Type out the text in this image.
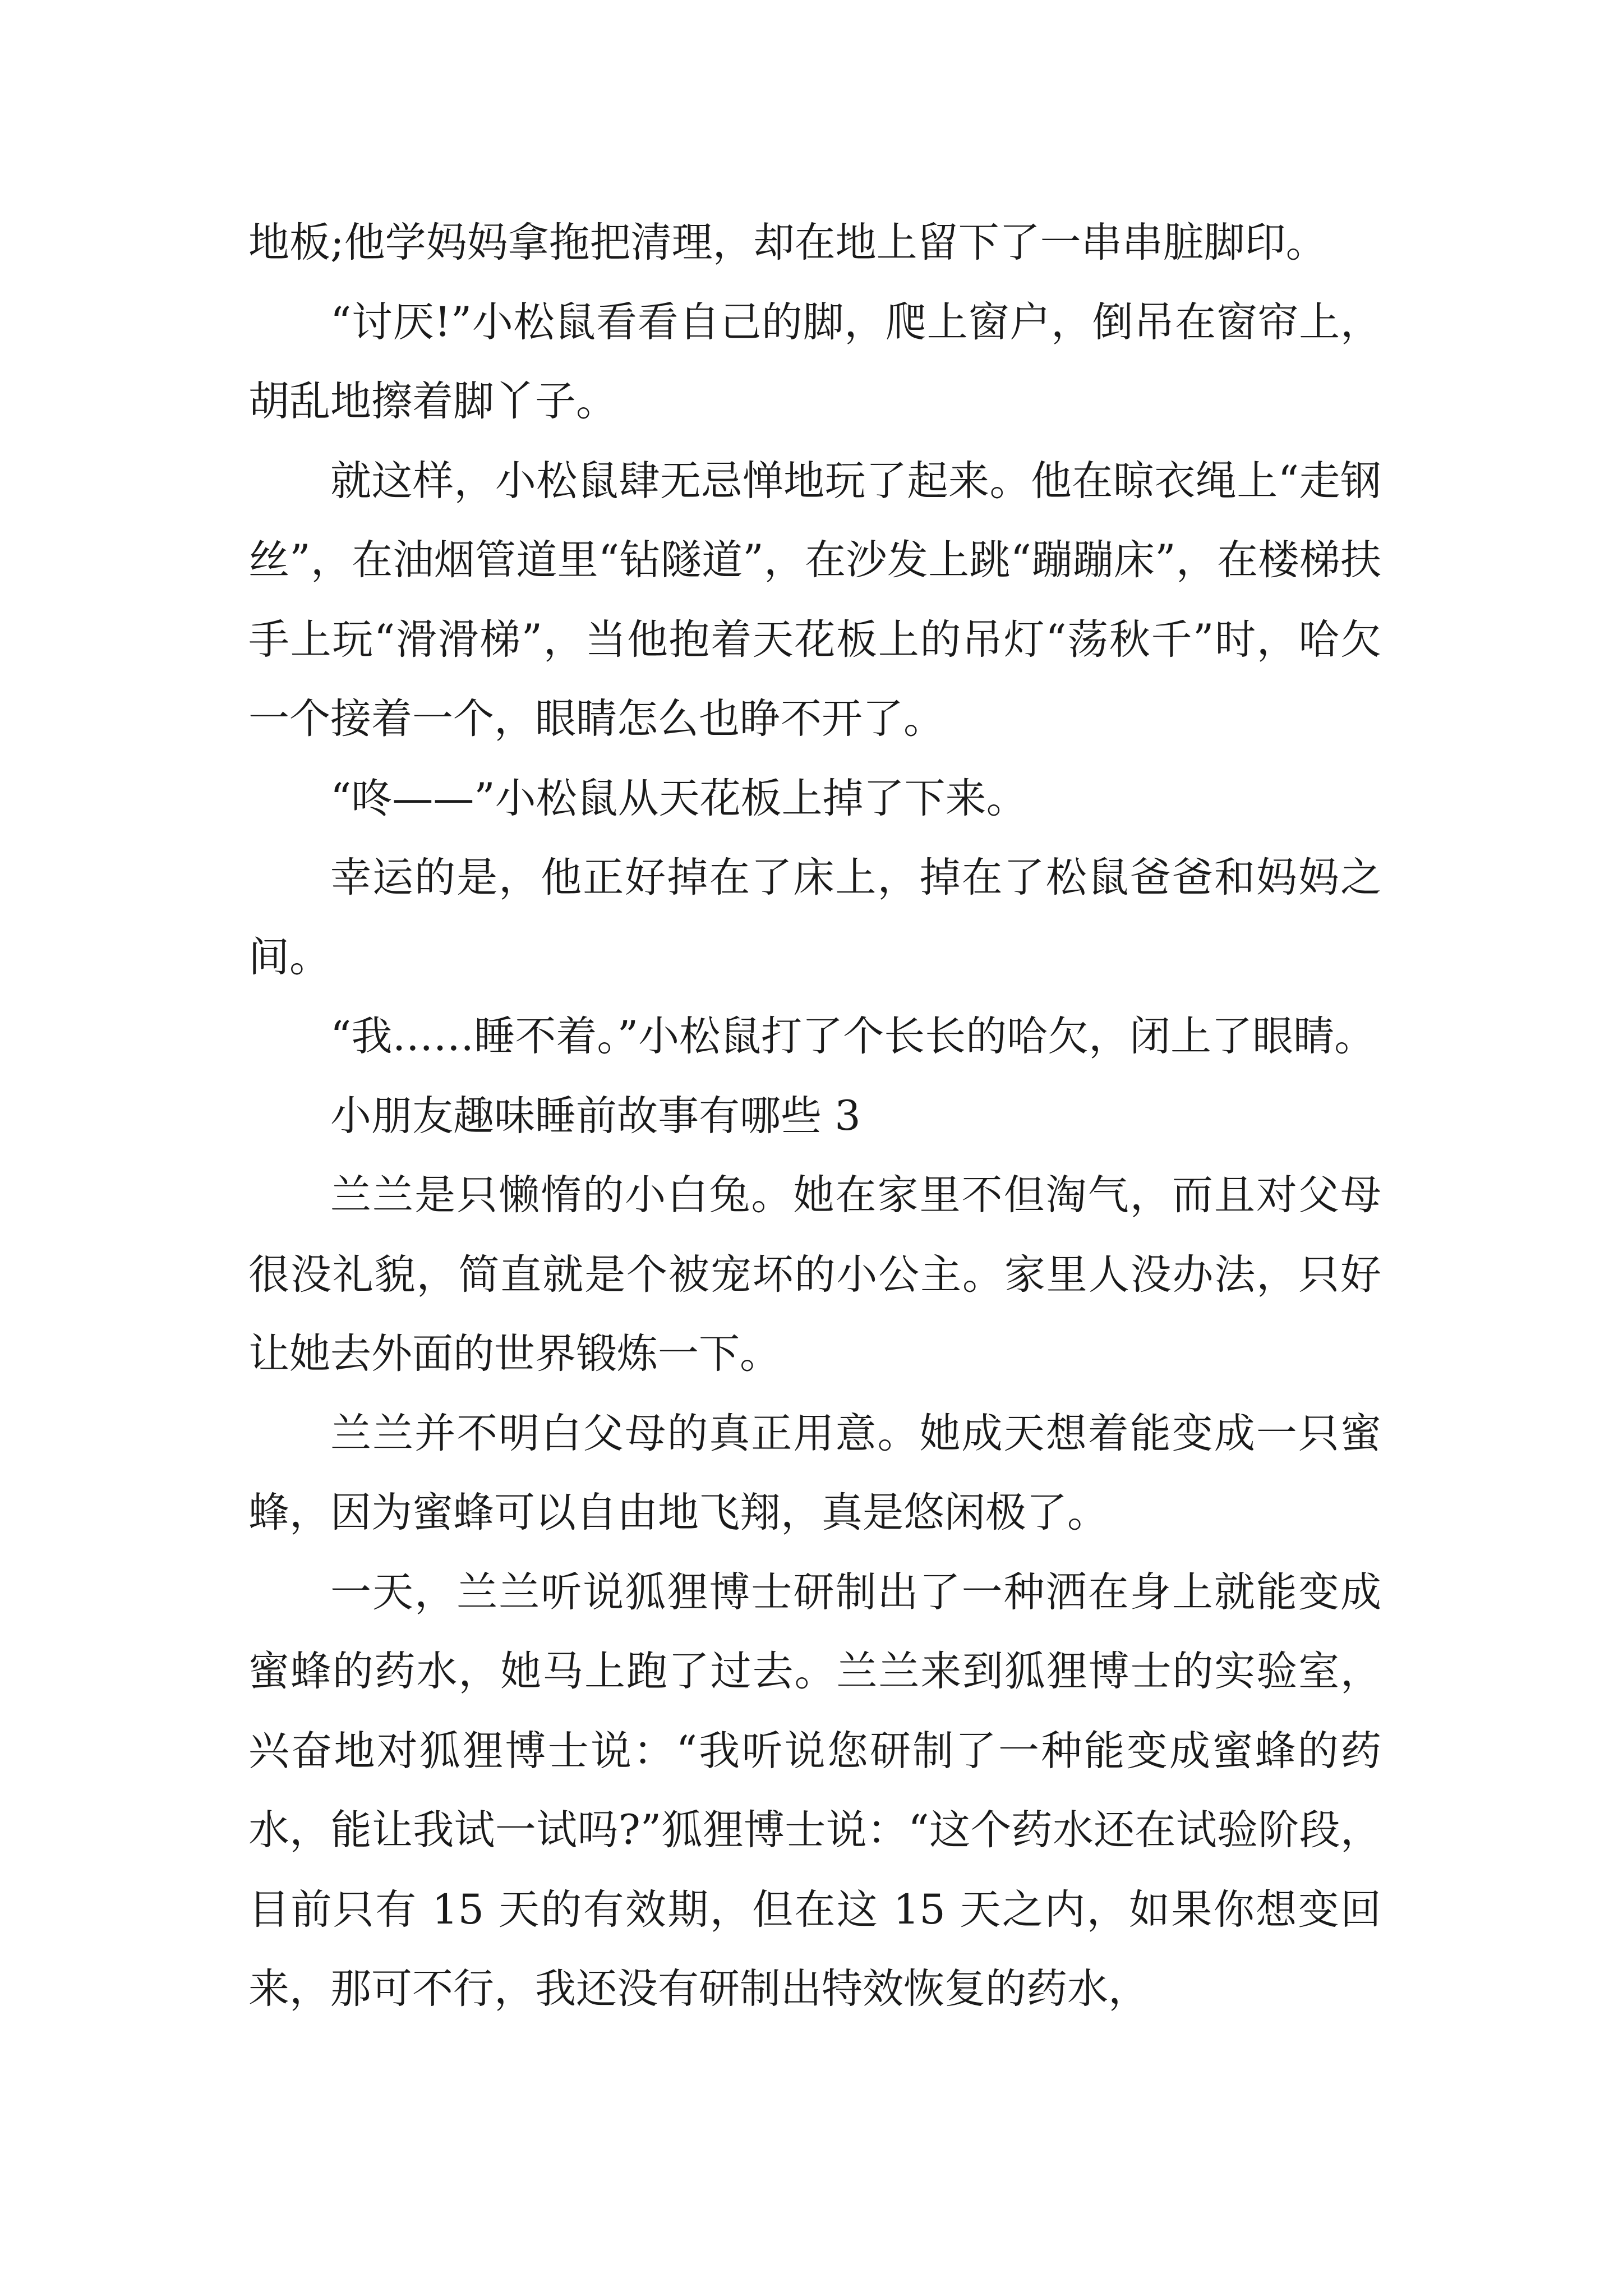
地板;他学妈妈拿拖把清理，却在地上留下了一串串脏脚印。

“讨厌!”小松鼠看看自己的脚，爬上窗户，倒吊在窗帘上，胡乱地擦着脚丫子。

就这样，小松鼠肆无忌惮地玩了起来。他在晾衣绳上“走钢丝”，在油烟管道里“钻隧道”，在沙发上跳“蹦蹦床”，在楼梯扶手上玩“滑滑梯”，当他抱着天花板上的吊灯“荡秋千”时，哈欠一个接着一个，眼睛怎么也睁不开了。

“咚——”小松鼠从天花板上掉了下来。

幸运的是，他正好掉在了床上，掉在了松鼠爸爸和妈妈之间。

“我……睡不着。”小松鼠打了个长长的哈欠，闭上了眼睛。

小朋友趣味睡前故事有哪些 3

兰兰是只懒惰的小白兔。她在家里不但淘气，而且对父母很没礼貌，简直就是个被宠坏的小公主。家里人没办法，只好让她去外面的世界锻炼一下。

兰兰并不明白父母的真正用意。她成天想着能变成一只蜜蜂，因为蜜蜂可以自由地飞翔，真是悠闲极了。

一天，兰兰听说狐狸博士研制出了一种洒在身上就能变成蜜蜂的药水，她马上跑了过去。兰兰来到狐狸博士的实验室，兴奋地对狐狸博士说：“我听说您研制了一种能变成蜜蜂的药水，能让我试一试吗?”狐狸博士说：“这个药水还在试验阶段，目前只有 15 天的有效期，但在这 15 天之内，如果你想变回来，那可不行，我还没有研制出特效恢复的药水，
